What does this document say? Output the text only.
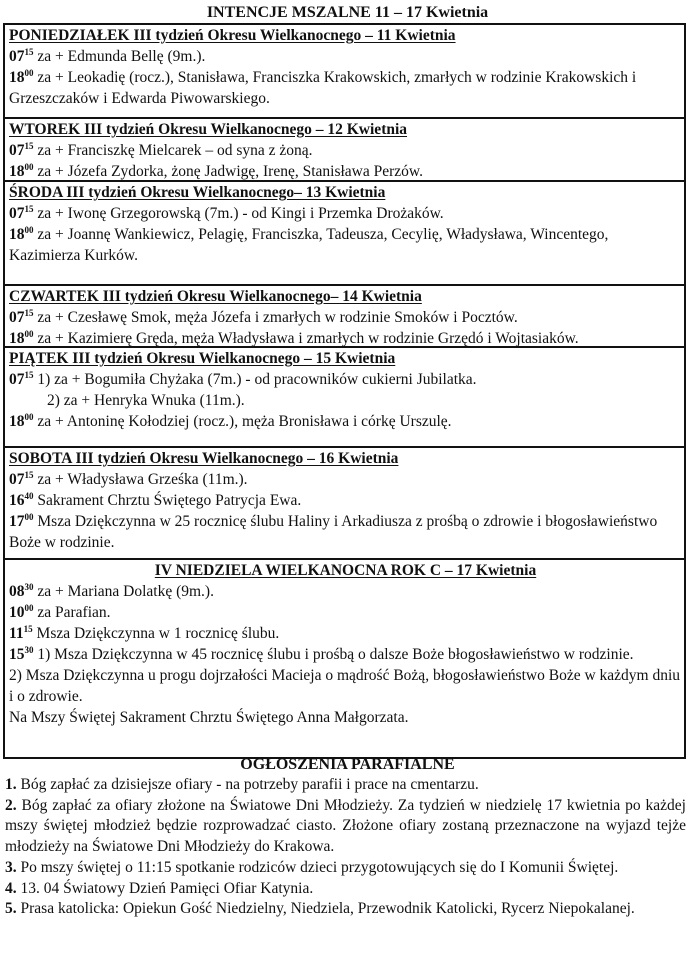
INTENCJE MSZALNE 11 – 17 Kwietnia
PONIEDZIAŁEK III tydzień Okresu Wielkanocnego – 11 Kwietnia

$07^{15}$ za + Edmunda Bellę (9m.).

$18^{00}$ za + Leokadię (rocz.), Stanisława, Franciszka Krakowskich, zmarłych w rodzinie Krakowskich i Grzeszczaków i Edwarda Piwowarskiego.

WTOREK III tydzień Okresu Wielkanocnego – 12 Kwietnia

$07^{15}$ za + Franciszkę Mielcarek – od syna z żoną.

$18^{00}$ za + Józefa Zydorka, żonę Jadwigę, Irenę, Stanisława Perzów.

ŚRODA III tydzień Okresu Wielkanocnego– 13 Kwietnia

$07^{15}$ za + Iwonę Grzegorowską (7m.) - od Kingi i Przemka Drożaków.

$18^{00}$ za + Joannę Wankiewicz, Pelagię, Franciszka, Tadeusza, Cecylię, Władysława, Wincentego, Kazimierza Kurków.

CZWARTEK III tydzień Okresu Wielkanocnego– 14 Kwietnia

$07^{15}$ za + Czesławę Smok, męża Józefa i zmarłych w rodzinie Smoków i Pocztów.

$18^{00}$ za + Kazimierę Gręda, męża Władysława i zmarłych w rodzinie Grzędó i Wojtasiaków.

PIĄTEK III tydzień Okresu Wielkanocnego – 15 Kwietnia

$07^{15}$ 1) za + Bogumiła Chyżaka (7m.) - od pracowników cukierni Jubilatka.

2) za + Henryka Wnuka (11m.).

$18^{00}$ za + Antoninę Kołodziej (rocz.), męża Bronisława i córkę Urszulę.

SOBOTA III tydzień Okresu Wielkanocnego – 16 Kwietnia

$07^{15}$ za + Władysława Grześka (11m.).

$16^{40}$ Sakrament Chrztu Świętego Patrycja Ewa.

$17^{00}$ Msza Dziękczynna w 25 rocznicę ślubu Haliny i Arkadiusza z prośbą o zdrowie i błogosławieństwo Boże w rodzinie.

IV NIEDZIELA WIELKANOCNA ROK C – 17 Kwietnia

$08^{30}$ za + Mariana Dolatkę (9m.).

$10^{00}$ za Parafian.

$11^{15}$ Msza Dziękczynna w 1 rocznicę ślubu.

$15^{30}$ 1) Msza Dziękczynna w 45 rocznicę ślubu i prośbą o dalsze Boże błogosławieństwo w rodzinie.

2) Msza Dziękczynna u progu dojrzałości Macieja o mądrość Bożą, błogosławieństwo Boże w każdym dniu i o zdrowie.

Na Mszy Świętej Sakrament Chrztu Świętego Anna Małgorzata.

OGŁOSZENIA PARAFIALNE

1. Bóg zapłać za dzisiejsze ofiary - na potrzeby parafii i prace na cmentarzu.

2. Bóg zapłać za ofiary złożone na Światowe Dni Młodzieży. Za tydzień w niedzielę 17 kwietnia po każdej mszy świętej młodzież będzie rozprowadzać ciasto. Złożone ofiary zostaną przeznaczone na wyjazd tejże młodzieży na Światowe Dni Młodzieży do Krakowa.

3. Po mszy świętej o 11:15 spotkanie rodziców dzieci przygotowujących się do I Komunii Świętej.

4. 13. 04 Światowy Dzień Pamięci Ofiar Katynia.

5. Prasa katolicka: Opiekun Gość Niedzielny, Niedziela, Przewodnik Katolicki, Rycerz Niepokalanej.
